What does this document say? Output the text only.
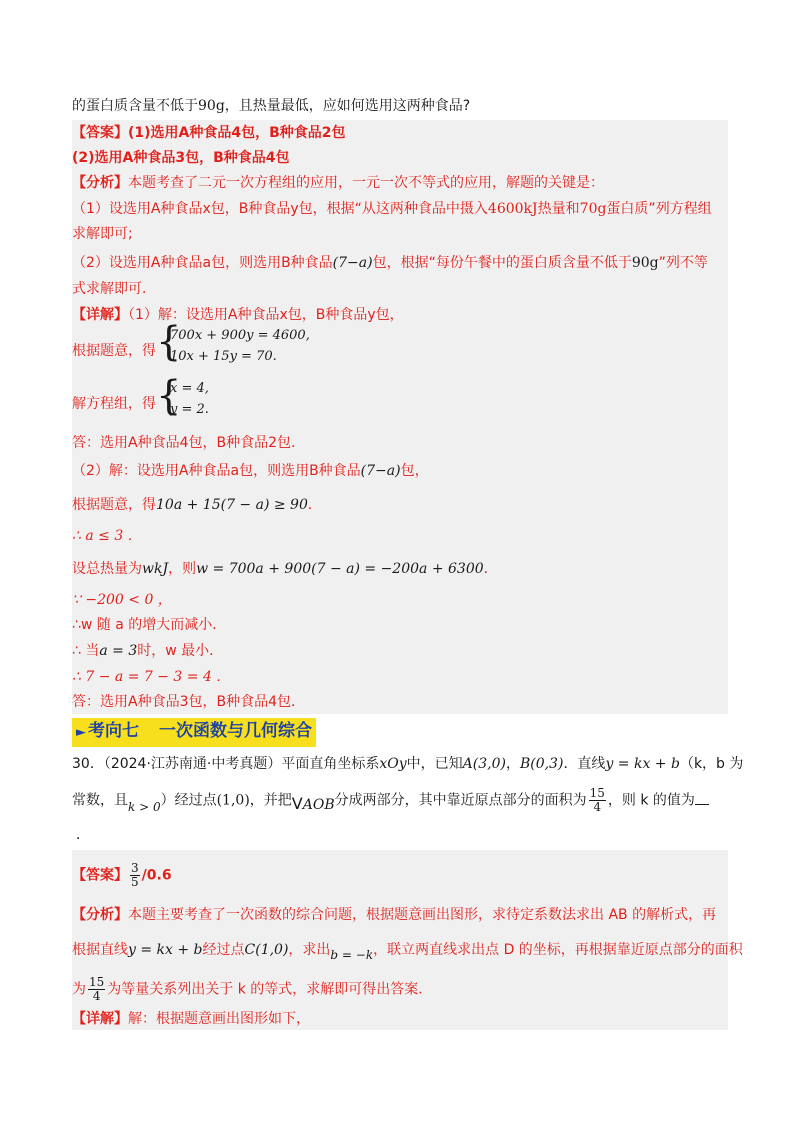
的蛋白质含量不低于90g，且热量最低，应如何选用这两种食品?
【答案】(1)选用A种食品4包，B种食品2包
(2)选用A种食品3包，B种食品4包
【分析】本题考查了二元一次方程组的应用，一元一次不等式的应用，解题的关键是：
（1）设选用A种食品x包，B种食品y包，根据“从这两种食品中摄入4600kJ热量和70g蛋白质”列方程组
求解即可;
（2）设选用A种食品a包，则选用B种食品(7−a)包，根据“每份午餐中的蛋白质含量不低于90g”列不等
式求解即可．
【详解】（1）解：设选用A种食品x包，B种食品y包，
根据题意，得 {
700x + 900y = 4600,
10x + 15y = 70.
解方程组，得 {
x = 4,
y = 2.
答：选用A种食品4包，B种食品2包．
（2）解：设选用A种食品a包，则选用B种食品(7−a)包，
根据题意，得10a + 15(7 − a) ≥ 90．
∴ a ≤ 3 ．
设总热量为wkJ，则w = 700a + 900(7 − a) = −200a + 6300．
∵ −200 < 0 ，
∴w 随 a 的增大而减小．
∴ 当a = 3时，w 最小．
∴ 7 − a = 7 − 3 = 4 ．
答：选用A种食品3包，B种食品4包．
► 考向七 一次函数与几何综合
30．（2024·江苏南通·中考真题）平面直角坐标系xOy中，已知A(3,0)，B(0,3)．直线y = kx + b（k，b 为
常数，且k > 0）经过点(1,0)，并把VAOB分成两部分，其中靠近原点部分的面积为 $\frac{15}{4}$ ，则 k 的值为
．
【答案】 $\frac{3}{5} /0.6$
【分析】本题主要考查了一次函数的综合问题，根据题意画出图形，求待定系数法求出 AB 的解析式，再
根据直线y = kx + b经过点C(1,0)，求出b = −k，联立两直线求出点 D 的坐标，再根据靠近原点部分的面积
为 $\frac{15}{4}$ 为等量关系列出关于 k 的等式，求解即可得出答案．
【详解】解：根据题意画出图形如下，
